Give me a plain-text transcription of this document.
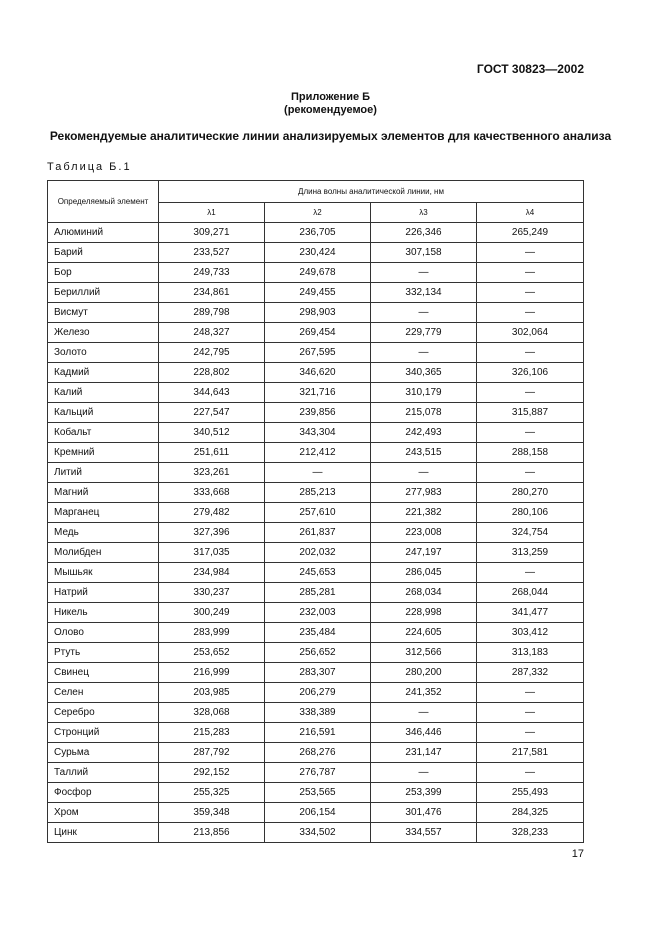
ГОСТ 30823—2002
Приложение Б
(рекомендуемое)
Рекомендуемые аналитические линии анализируемых элементов для качественного анализа
Таблица Б.1
Определяемый элемент	Длина волны аналитической линии, нм			
	λ1	λ2	λ3	λ4
Алюминий	309,271	236,705	226,346	265,249
Барий	233,527	230,424	307,158	—
Бор	249,733	249,678	—	—
Бериллий	234,861	249,455	332,134	—
Висмут	289,798	298,903	—	—
Железо	248,327	269,454	229,779	302,064
Золото	242,795	267,595	—	—
Кадмий	228,802	346,620	340,365	326,106
Калий	344,643	321,716	310,179	—
Кальций	227,547	239,856	215,078	315,887
Кобальт	340,512	343,304	242,493	—
Кремний	251,611	212,412	243,515	288,158
Литий	323,261	—	—	—
Магний	333,668	285,213	277,983	280,270
Марганец	279,482	257,610	221,382	280,106
Медь	327,396	261,837	223,008	324,754
Молибден	317,035	202,032	247,197	313,259
Мышьяк	234,984	245,653	286,045	—
Натрий	330,237	285,281	268,034	268,044
Никель	300,249	232,003	228,998	341,477
Олово	283,999	235,484	224,605	303,412
Ртуть	253,652	256,652	312,566	313,183
Свинец	216,999	283,307	280,200	287,332
Селен	203,985	206,279	241,352	—
Серебро	328,068	338,389	—	—
Стронций	215,283	216,591	346,446	—
Сурьма	287,792	268,276	231,147	217,581
Таллий	292,152	276,787	—	—
Фосфор	255,325	253,565	253,399	255,493
Хром	359,348	206,154	301,476	284,325
Цинк	213,856	334,502	334,557	328,233
17
